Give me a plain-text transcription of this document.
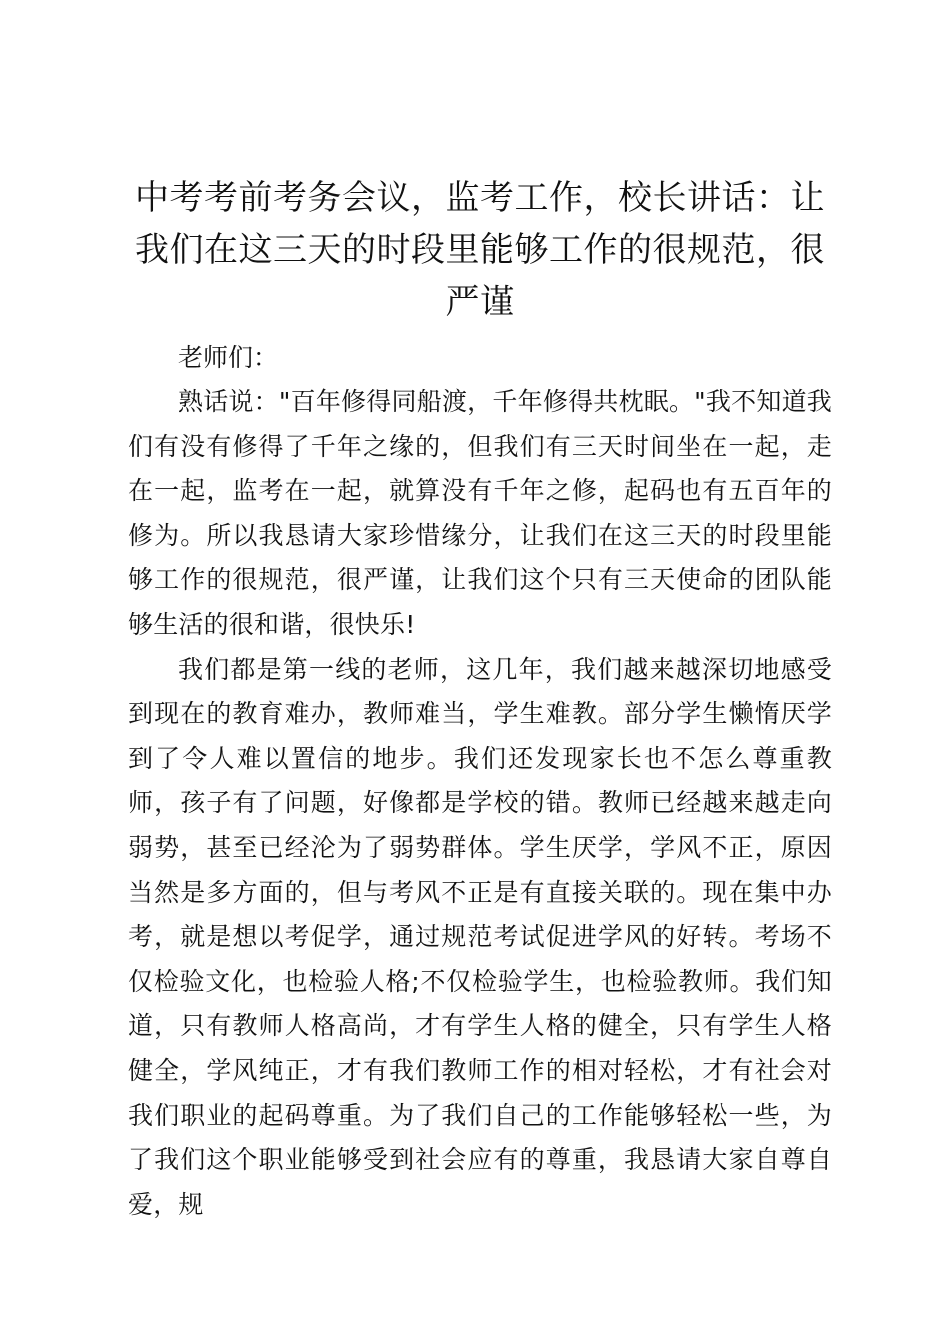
中考考前考务会议，监考工作，校长讲话：让我们在这三天的时段里能够工作的很规范，很严谨

老师们：

熟话说："百年修得同船渡，千年修得共枕眠。"我不知道我们有没有修得了千年之缘的，但我们有三天时间坐在一起，走在一起，监考在一起，就算没有千年之修，起码也有五百年的修为。所以我恳请大家珍惜缘分，让我们在这三天的时段里能够工作的很规范，很严谨，让我们这个只有三天使命的团队能够生活的很和谐，很快乐!

我们都是第一线的老师，这几年，我们越来越深切地感受到现在的教育难办，教师难当，学生难教。部分学生懒惰厌学到了令人难以置信的地步。我们还发现家长也不怎么尊重教师，孩子有了问题，好像都是学校的错。教师已经越来越走向弱势，甚至已经沦为了弱势群体。学生厌学，学风不正，原因当然是多方面的，但与考风不正是有直接关联的。现在集中办考，就是想以考促学，通过规范考试促进学风的好转。考场不仅检验文化，也检验人格;不仅检验学生，也检验教师。我们知道，只有教师人格高尚，才有学生人格的健全，只有学生人格健全，学风纯正，才有我们教师工作的相对轻松，才有社会对我们职业的起码尊重。为了我们自己的工作能够轻松一些，为了我们这个职业能够受到社会应有的尊重，我恳请大家自尊自爱，规
